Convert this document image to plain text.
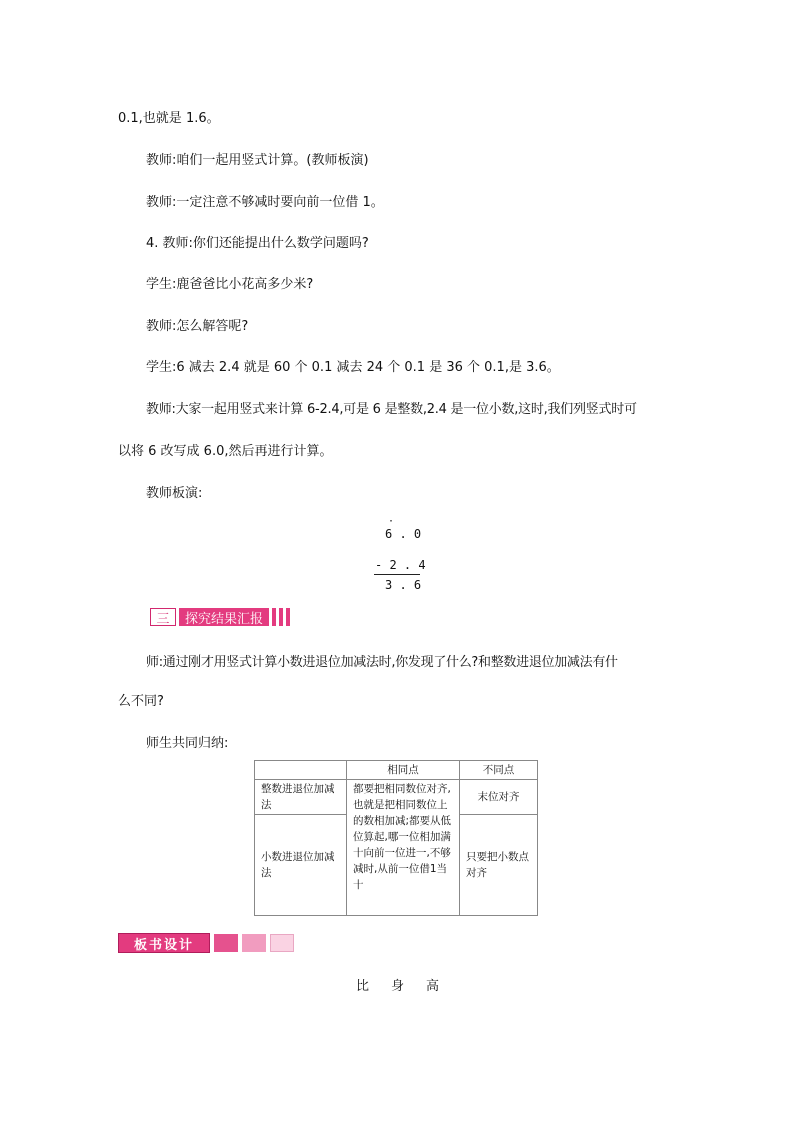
0.1,也就是 1.6。
教师:咱们一起用竖式计算。(教师板演)
教师:一定注意不够减时要向前一位借 1。
4. 教师:你们还能提出什么数学问题吗?
学生:鹿爸爸比小花高多少米?
教师:怎么解答呢?
学生:6 减去 2.4 就是 60 个 0.1 减去 24 个 0.1 是 36 个 0.1,是 3.6。
教师:大家一起用竖式来计算 6-2.4,可是 6 是整数,2.4 是一位小数,这时,我们列竖式时可
以将 6 改写成 6.0,然后再进行计算。
教师板演:
·
6 . 0
- 2 . 4
3 . 6
三	探究结果汇报
师:通过刚才用竖式计算小数进退位加减法时,你发现了什么?和整数进退位加减法有什
么不同?
师生共同归纳:
	相同点	不同点
整数进退位加减法	都要把相同数位对齐,也就是把相同数位上的数相加减;都要从低位算起,哪一位相加满十向前一位进一,不够减时,从前一位借1当十	末位对齐
小数进退位加减法		只要把小数点对齐
板书设计
比 身 高
